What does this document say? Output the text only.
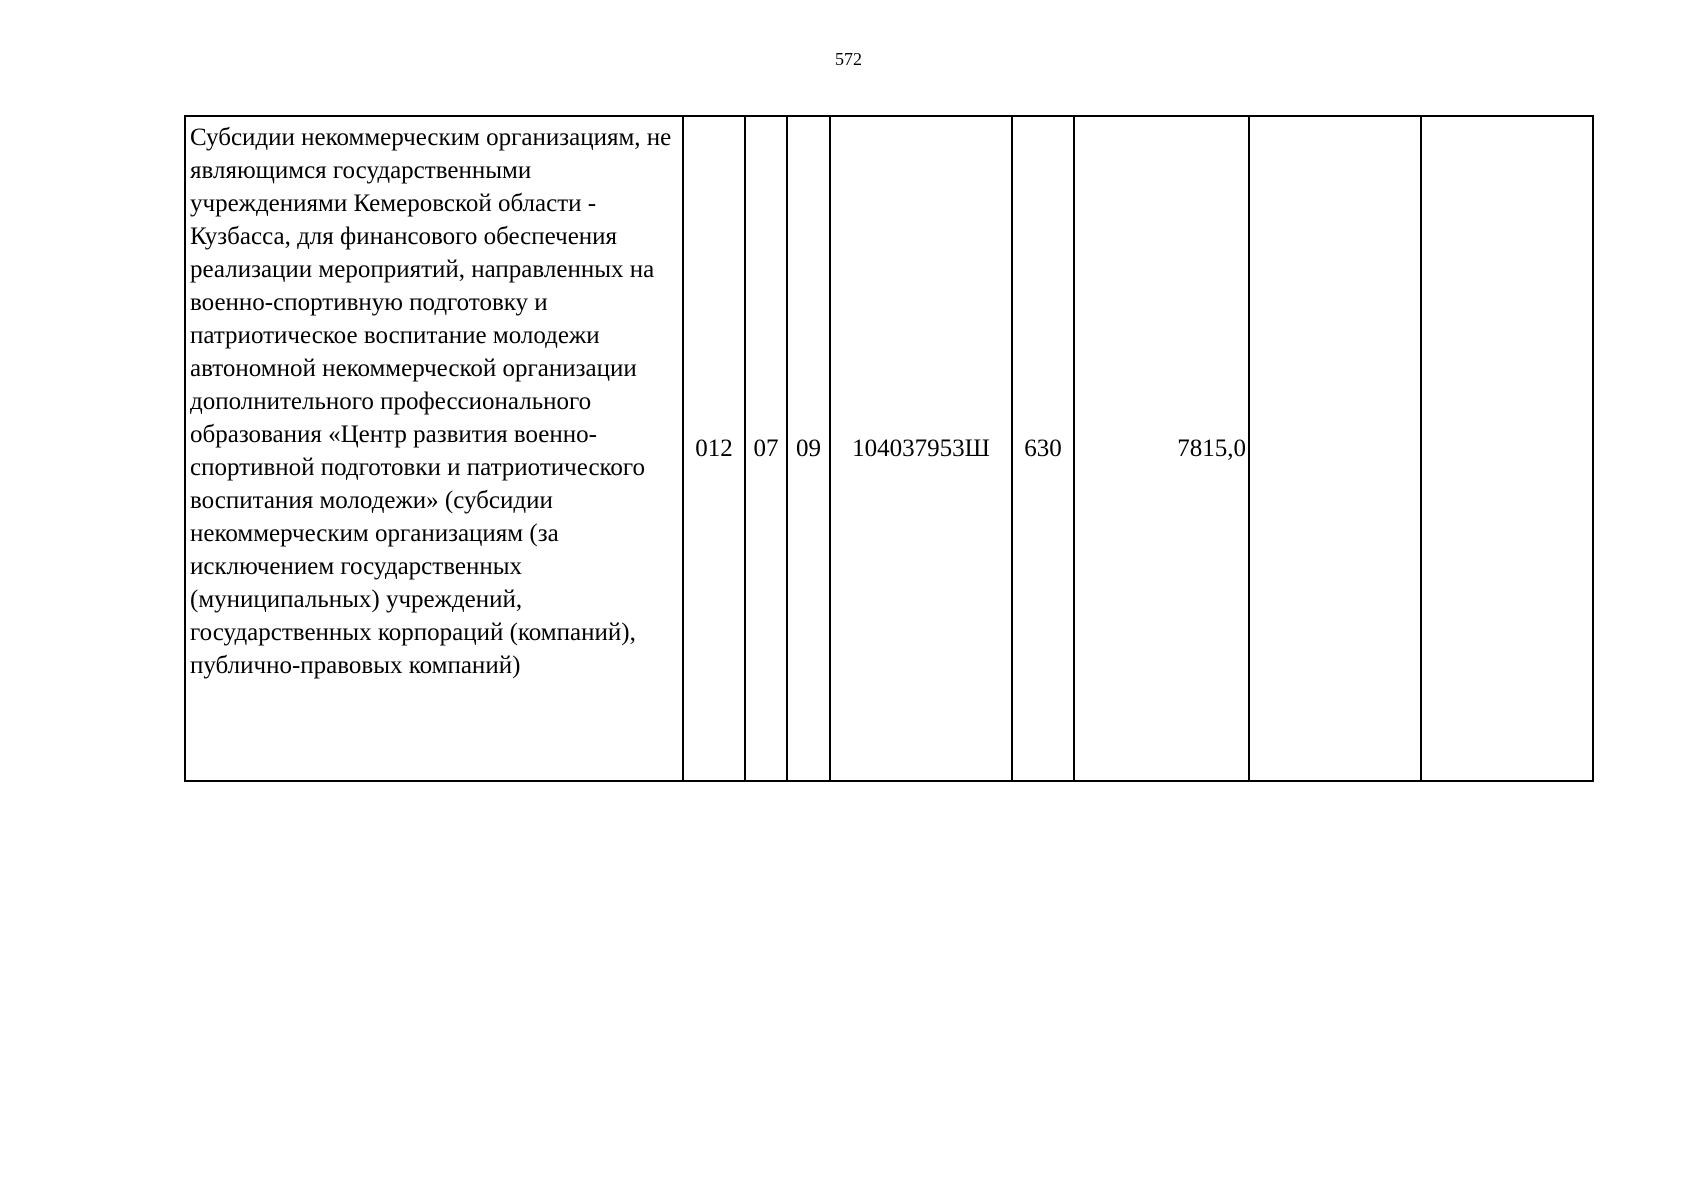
572
Субсидии некоммерческим организациям, не являющимся государственными учреждениями Кемеровской области - Кузбасса, для финансового обеспечения реализации мероприятий, направленных на военно-спортивную подготовку и патриотическое воспитание молодежи автономной некоммерческой организации дополнительного профессионального образования «Центр развития военно-спортивной подготовки и патриотического воспитания молодежи» (субсидии некоммерческим организациям (за исключением государственных (муниципальных) учреждений, государственных корпораций (компаний), публично-правовых компаний)	012	07	09	104037953Ш	630	7815,0		
